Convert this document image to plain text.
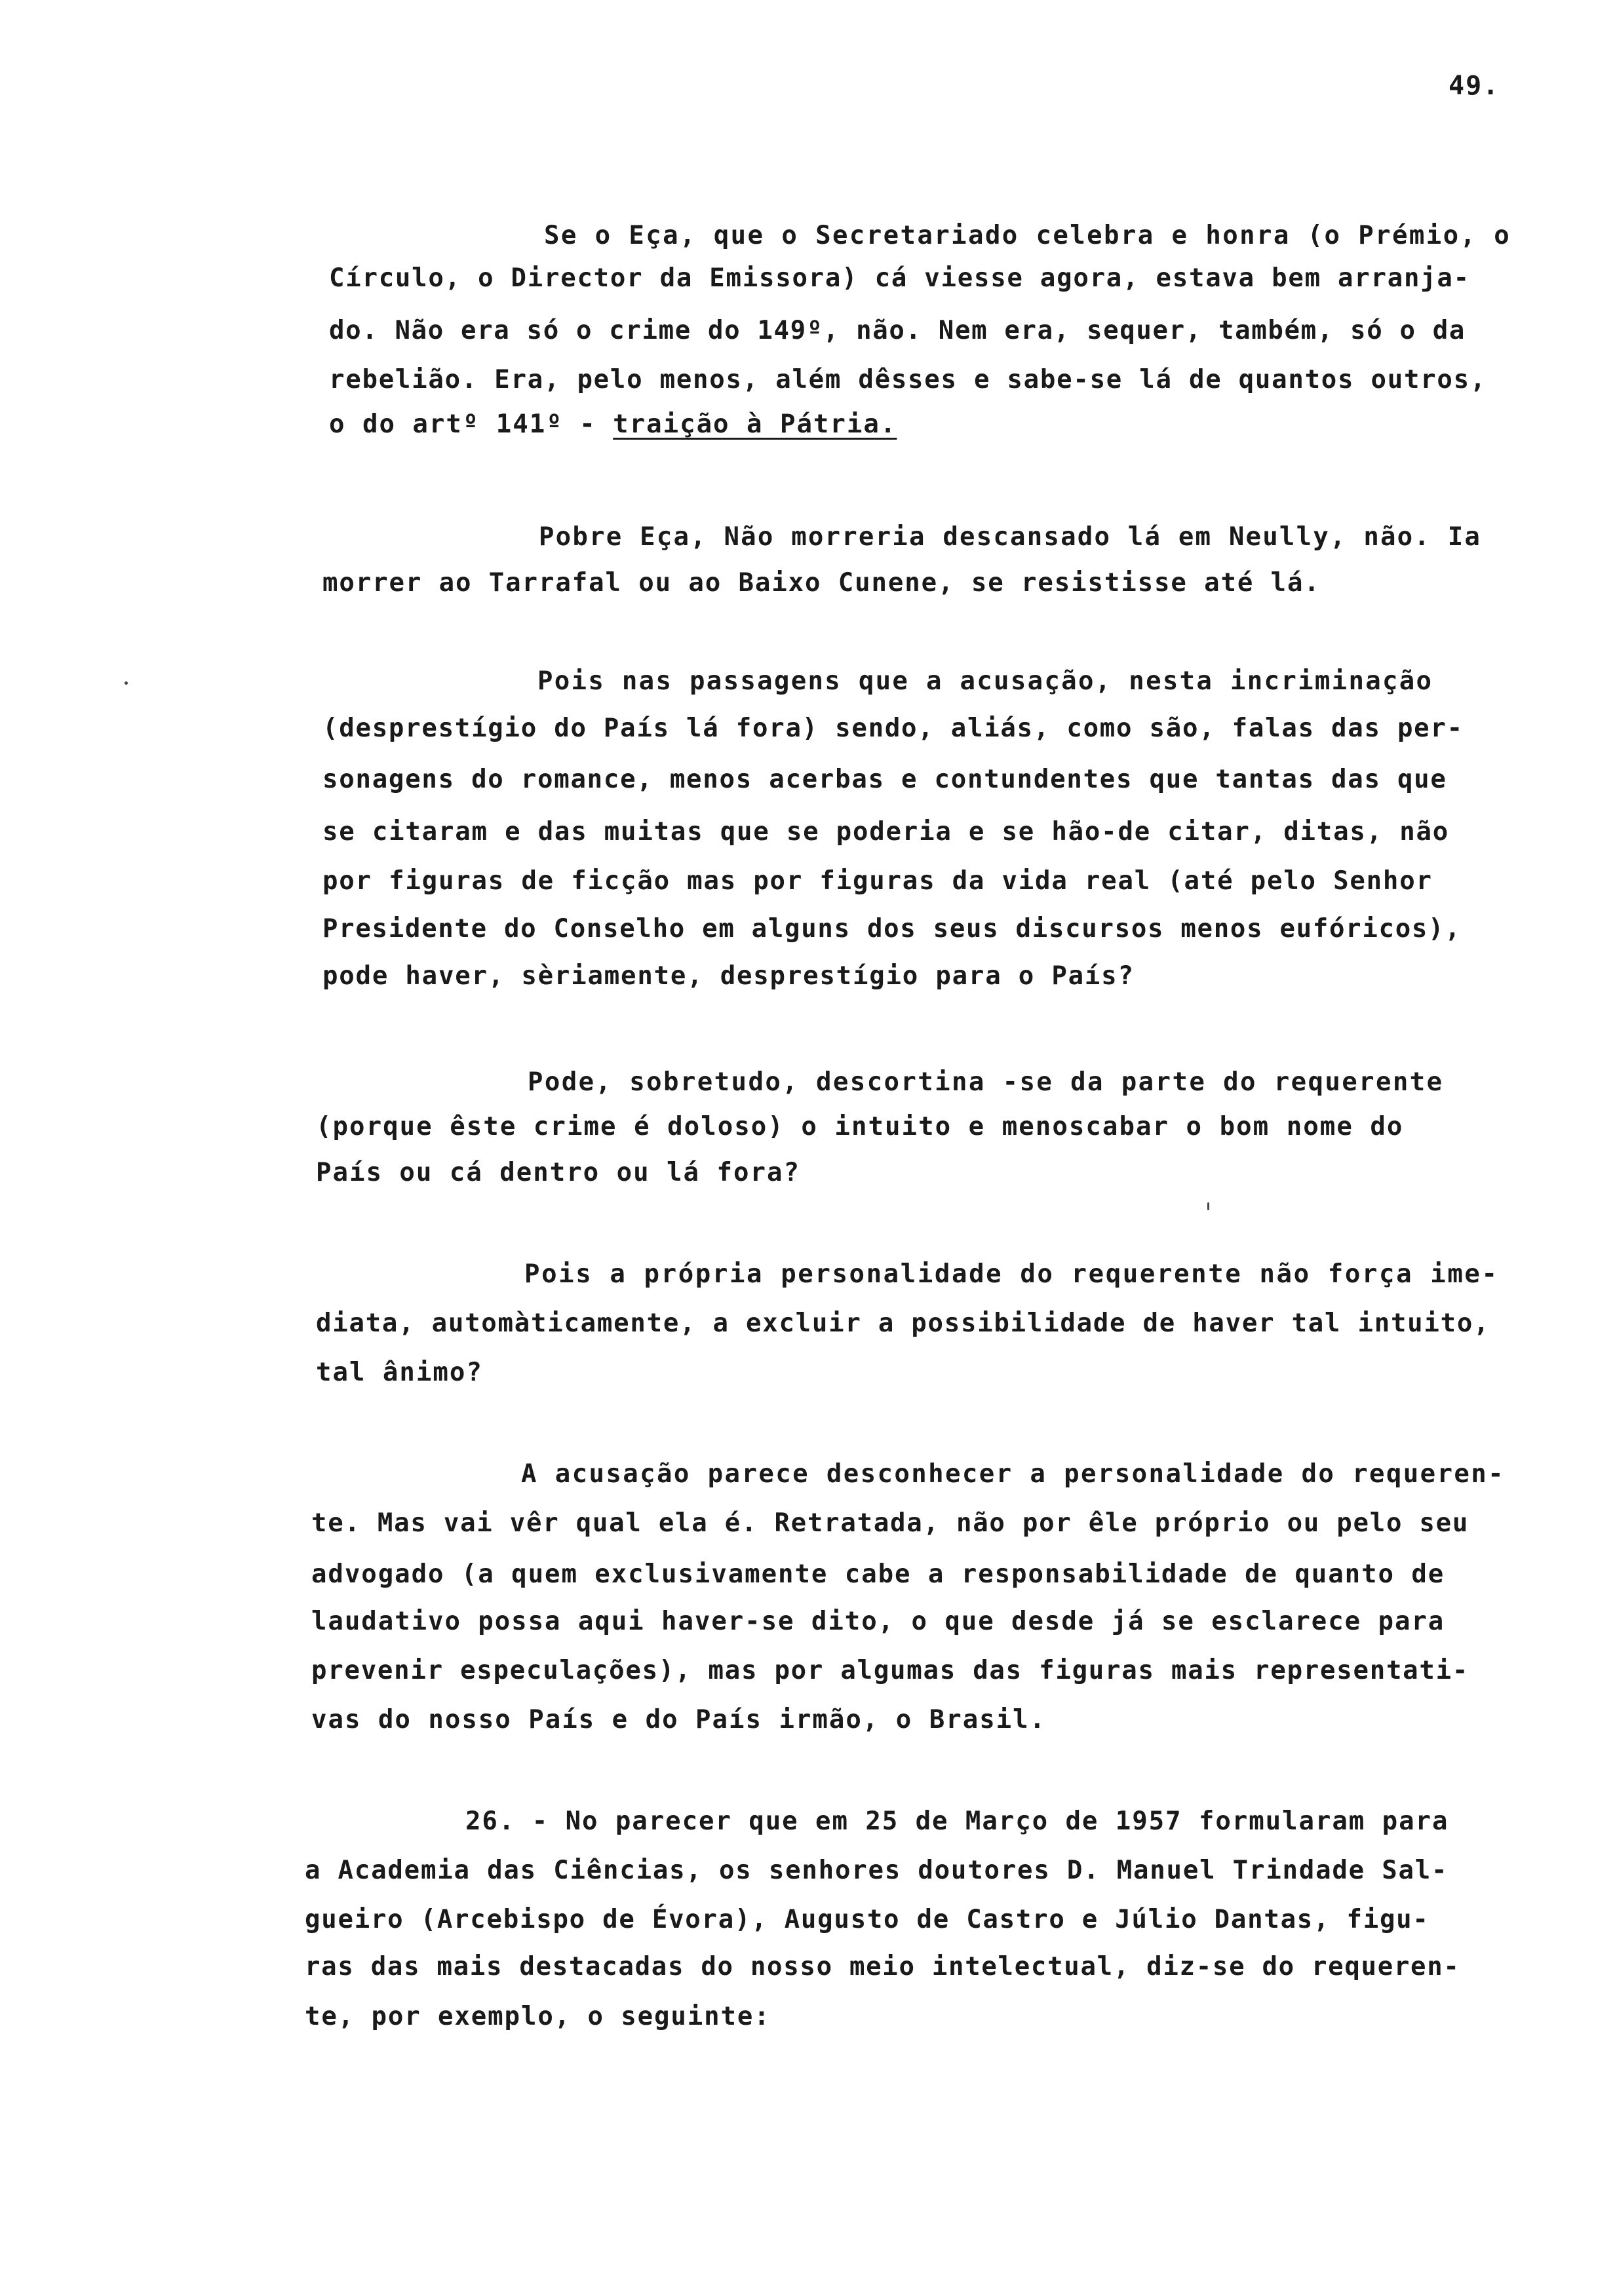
49.
Se o Eça, que o Secretariado celebra e honra (o Prémio, o
Círculo, o Director da Emissora) cá viesse agora, estava bem arranja-
do. Não era só o crime do 149º, não. Nem era, sequer, também, só o da
rebelião. Era, pelo menos, além dêsses e sabe-se lá de quantos outros,
o do artº 141º - traição à Pátria.
Pobre Eça, Não morreria descansado lá em Neully, não. Ia
morrer ao Tarrafal ou ao Baixo Cunene, se resistisse até lá.
Pois nas passagens que a acusação, nesta incriminação
(desprestígio do País lá fora) sendo, aliás, como são, falas das per-
sonagens do romance, menos acerbas e contundentes que tantas das que
se citaram e das muitas que se poderia e se hão-de citar, ditas, não
por figuras de ficção mas por figuras da vida real (até pelo Senhor
Presidente do Conselho em alguns dos seus discursos menos eufóricos),
pode haver, sèriamente, desprestígio para o País?
Pode, sobretudo, descortina -se da parte do requerente
(porque êste crime é doloso) o intuito e menoscabar o bom nome do
País ou cá dentro ou lá fora?
Pois a própria personalidade do requerente não força ime-
diata, automàticamente, a excluir a possibilidade de haver tal intuito,
tal ânimo?
A acusação parece desconhecer a personalidade do requeren-
te. Mas vai vêr qual ela é. Retratada, não por êle próprio ou pelo seu
advogado (a quem exclusivamente cabe a responsabilidade de quanto de
laudativo possa aqui haver-se dito, o que desde já se esclarece para
prevenir especulações), mas por algumas das figuras mais representati-
vas do nosso País e do País irmão, o Brasil.
26. - No parecer que em 25 de Março de 1957 formularam para
a Academia das Ciências, os senhores doutores D. Manuel Trindade Sal-
gueiro (Arcebispo de Évora), Augusto de Castro e Júlio Dantas, figu-
ras das mais destacadas do nosso meio intelectual, diz-se do requeren-
te, por exemplo, o seguinte:
